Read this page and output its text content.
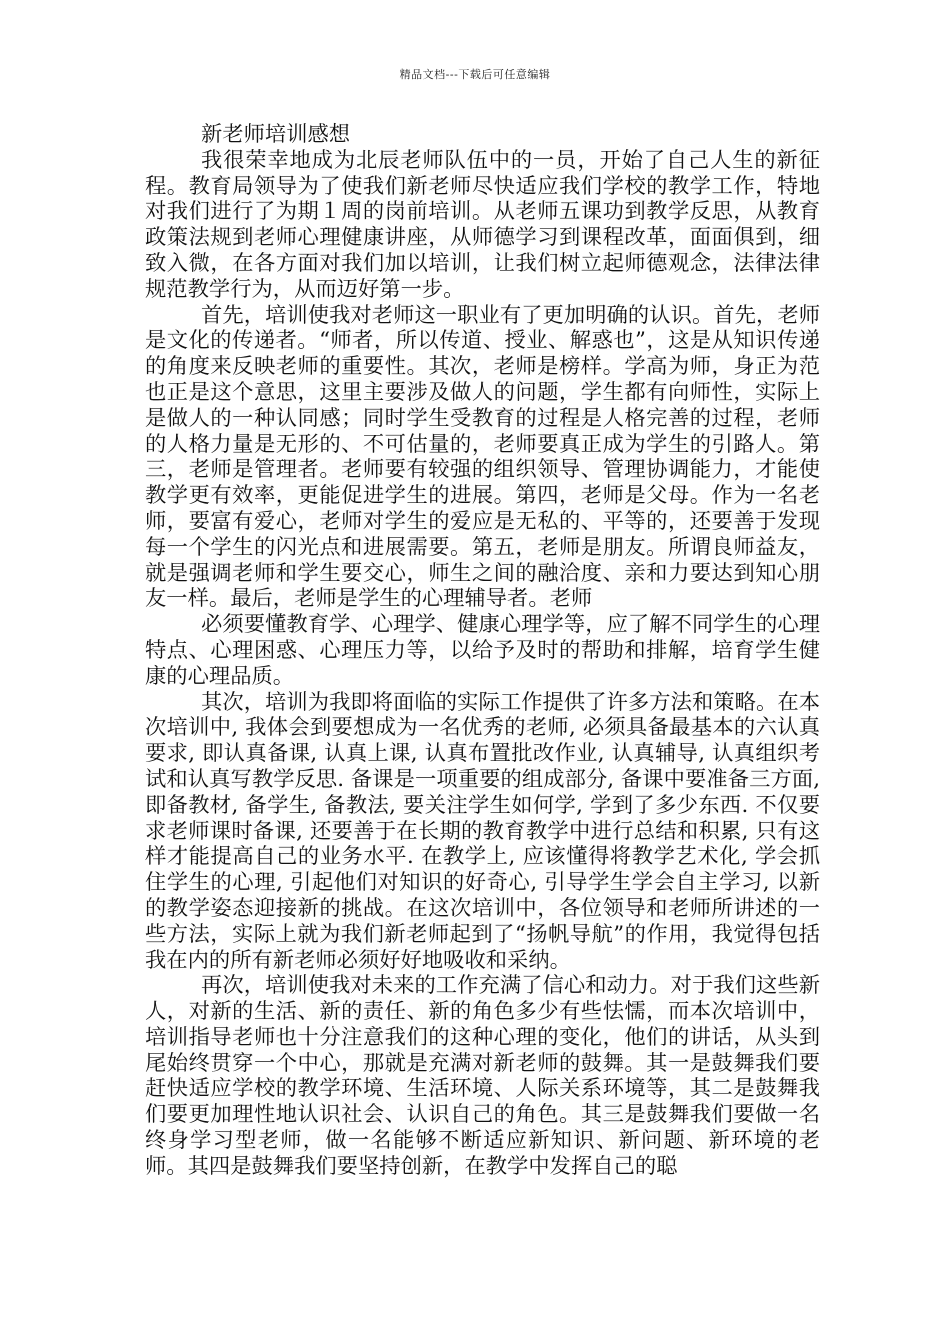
精品文档---下载后可任意编辑
新老师培训感想

我很荣幸地成为北辰老师队伍中的一员，开始了自己人生的新征程。教育局领导为了使我们新老师尽快适应我们学校的教学工作，特地对我们进行了为期１周的岗前培训。从老师五课功到教学反思，从教育政策法规到老师心理健康讲座，从师德学习到课程改革，面面俱到，细致入微，在各方面对我们加以培训，让我们树立起师德观念，法律法律规范教学行为，从而迈好第一步。

首先，培训使我对老师这一职业有了更加明确的认识。首先，老师是文化的传递者。“师者，所以传道、授业、解惑也”，这是从知识传递的角度来反映老师的重要性。其次，老师是榜样。学高为师，身正为范也正是这个意思，这里主要涉及做人的问题，学生都有向师性，实际上是做人的一种认同感；同时学生受教育的过程是人格完善的过程，老师的人格力量是无形的、不可估量的，老师要真正成为学生的引路人。第三，老师是管理者。老师要有较强的组织领导、管理协调能力，才能使教学更有效率，更能促进学生的进展。第四，老师是父母。作为一名老师，要富有爱心，老师对学生的爱应是无私的、平等的，还要善于发现每一个学生的闪光点和进展需要。第五，老师是朋友。所谓良师益友，就是强调老师和学生要交心，师生之间的融洽度、亲和力要达到知心朋友一样。最后，老师是学生的心理辅导者。老师

必须要懂教育学、心理学、健康心理学等，应了解不同学生的心理特点、心理困惑、心理压力等，以给予及时的帮助和排解，培育学生健康的心理品质。

其次，培训为我即将面临的实际工作提供了许多方法和策略。在本次培训中, 我体会到要想成为一名优秀的老师, 必须具备最基本的六认真要求, 即认真备课, 认真上课, 认真布置批改作业, 认真辅导, 认真组织考试和认真写教学反思. 备课是一项重要的组成部分, 备课中要准备三方面, 即备教材, 备学生, 备教法, 要关注学生如何学, 学到了多少东西. 不仅要求老师课时备课, 还要善于在长期的教育教学中进行总结和积累, 只有这样才能提高自己的业务水平. 在教学上, 应该懂得将教学艺术化, 学会抓住学生的心理, 引起他们对知识的好奇心, 引导学生学会自主学习, 以新的教学姿态迎接新的挑战。在这次培训中，各位领导和老师所讲述的一些方法，实际上就为我们新老师起到了“扬帆导航”的作用，我觉得包括我在内的所有新老师必须好好地吸收和采纳。

再次，培训使我对未来的工作充满了信心和动力。对于我们这些新人，对新的生活、新的责任、新的角色多少有些怯懦，而本次培训中，培训指导老师也十分注意我们的这种心理的变化，他们的讲话，从头到尾始终贯穿一个中心，那就是充满对新老师的鼓舞。其一是鼓舞我们要赶快适应学校的教学环境、生活环境、人际关系环境等，其二是鼓舞我们要更加理性地认识社会、认识自己的角色。其三是鼓舞我们要做一名终身学习型老师，做一名能够不断适应新知识、新问题、新环境的老师。其四是鼓舞我们要坚持创新，在教学中发挥自己的聪
